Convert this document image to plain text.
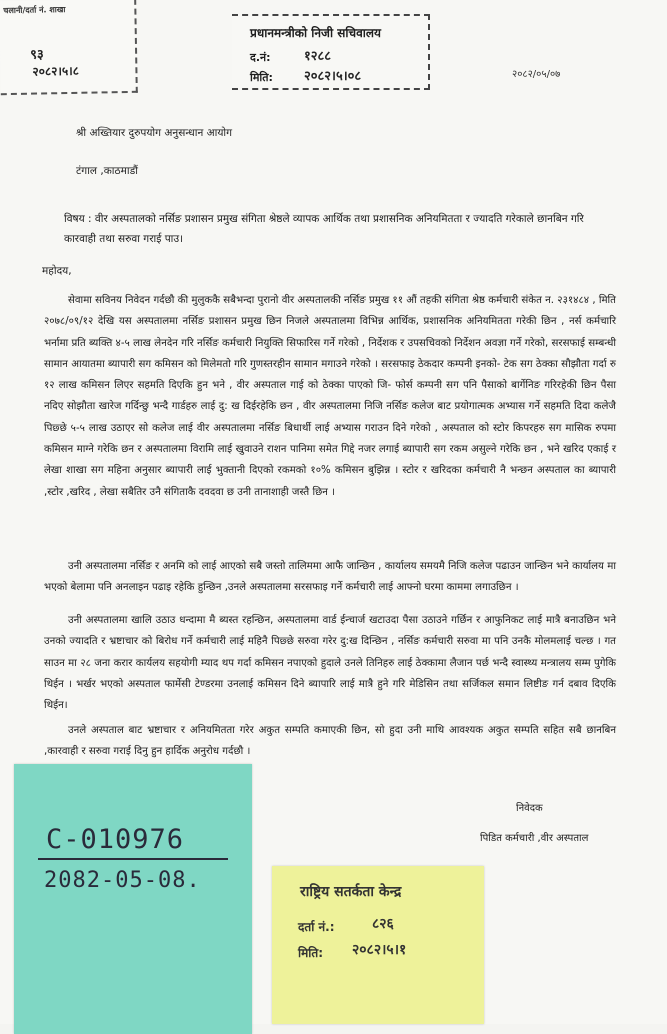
चलानी/दर्ता नं. शाखा
९३
२०८२।५।८
प्रधानमन्त्रीको निजी सचिवालय
द.नं:	१२८८
मिति: २०८२।५।०८	२०८२/०५/०७
श्री अख्तियार दुरुपयोग अनुसन्धान आयोग
टंगाल ,काठमाडौं
विषय : वीर अस्पतालको नर्सिङ प्रशासन प्रमुख संगिता श्रेष्ठले व्यापक आर्थिक तथा प्रशासनिक अनियमितता र ज्यादति गरेकाले छानबिन गरि कारवाही तथा सरुवा गराई पाउ।
महोदय,
सेवामा सविनय निवेदन गर्दछौ की मुलुककै सबैभन्दा पुरानो वीर अस्पतालकी नर्सिङ प्रमुख ११ औं तहकी संगिता श्रेष्ठ कर्मचारी संकेत न. २३१४८४ , मिति २०७८/०९/१२ देखि यस अस्पतालमा नर्सिङ प्रशासन प्रमुख छिन निजले अस्पतालमा विभिन्न आर्थिक, प्रशासनिक अनियमितता गरेकी छिन , नर्स कर्मचारि भर्नामा प्रति ब्यक्ति ४-५ लाख लेनदेन गरि नर्सिङ कर्मचारी नियुक्ति सिफारिस गर्ने गरेको , निर्देशक र उपसचिवको निर्देशन अवज्ञा गर्ने गरेको, सरसफाई सम्बन्धी सामान आयातमा ब्यापारी सग कमिसन को मिलेमतो गरि गुणस्तरहीन सामान मगाउने गरेको । सरसफाइ ठेकदार कम्पनी इनको- टेक सग ठेक्का सौझौता गर्दा रु १२ लाख कमिसन लिएर सहमति दिएकि हुन भने , वीर अस्पताल गाई को ठेक्का पाएको जि- फोर्स कम्पनी सग पनि पैसाको बार्गेनिङ गरिरहेकी छिन पैसा नदिए सोझौता खारेज गर्दिन्छु भन्दै गार्डहरु लाई दु: ख दिईरहेकि छन , वीर अस्पतालमा निजि नर्सिङ कलेज बाट प्रयोगात्मक अभ्यास गर्ने सहमति दिदा कलेजै पिछ्छे ५-५ लाख उठाएर सो कलेज लाई वीर अस्पतालमा नर्सिङ बिधार्थी लाई अभ्यास गराउन दिने गरेको , अस्पताल को स्टोर किपरहरु सग मासिक रुपमा कमिसन माग्ने गरेकि छन र अस्पतालमा विरामि लाई खुवाउने राशन पानिमा समेत गिद्दे नजर लगाई ब्यापारी सग रकम असुल्ने गरेकि छन , भने खरिद एकाई र लेखा शाखा सग महिना अनुसार ब्यापारी लाई भुक्तानी दिएको रकमको १०% कमिसन बुझिन्न । स्टोर र खरिदका कर्मचारी नै भन्छन अस्पताल का ब्यापारी ,स्टोर ,खरिद , लेखा सबैतिर उनै संगिताकै दवदवा छ उनी तानाशाही जस्तै छिन ।
उनी अस्पतालमा नर्सिङ र अनमि को लाई आएको सबै जस्तो तालिममा आफै जान्छिन , कार्यालय समयमै निजि कलेज पढाउन जान्छिन भने कार्यालय मा भएको बेलामा पनि अनलाइन पढाइ रहेकि हुन्छिन ,उनले अस्पतालमा सरसफाइ गर्ने कर्मचारी लाई आफ्नो घरमा काममा लगाउछिन ।
उनी अस्पतालमा खालि उठाउ धन्दामा मै ब्यस्त रहन्छिन, अस्पतालमा वार्ड ईन्चार्ज खटाउदा पैसा उठाउने गर्छिन र आफुनिकट लाई मात्रै बनाउछिन भने उनको ज्यादति र भ्रष्टाचार को बिरोध गर्ने कर्मचारी लाई महिनै पिछ्छे सरुवा गरेर दु:ख दिन्छिन , नर्सिङ कर्मचारी सरुवा मा पनि उनकै मोलमलाई चल्छ । गत साउन मा २८ जना करार कार्यलय सहयोगी म्याद थप गर्दा कमिसन नपाएको हुदाले उनले तिनिहरु लाई ठेक्कामा लैजान पर्छ भन्दै स्वास्थ्य मन्त्रालय सम्म पुगेकि थिईन । भर्खर भएको अस्पताल फार्मेसी टेण्डरमा उनलाई कमिसन दिने ब्यापारि लाई मात्रै हुने गरि मेडिसिन तथा सर्जिकल समान लिष्टीङ गर्न दबाव दिएकि थिईन।
उनले अस्पताल बाट भ्रष्टाचार र अनियमितता गरेर अकुत सम्पति कमाएकी छिन, सो हुदा उनी माथि आवश्यक अकुत सम्पति सहित सबै छानबिन ,कारवाही र सरुवा गराई दिनु हुन हार्दिक अनुरोध गर्दछौ ।
निवेदक
पिडित कर्मचारी ,वीर अस्पताल
C-010976
2082-05-08.	राष्ट्रिय सतर्कता केन्द्र
दर्ता नं.:	८२६
मिति: २०८२।५।१
